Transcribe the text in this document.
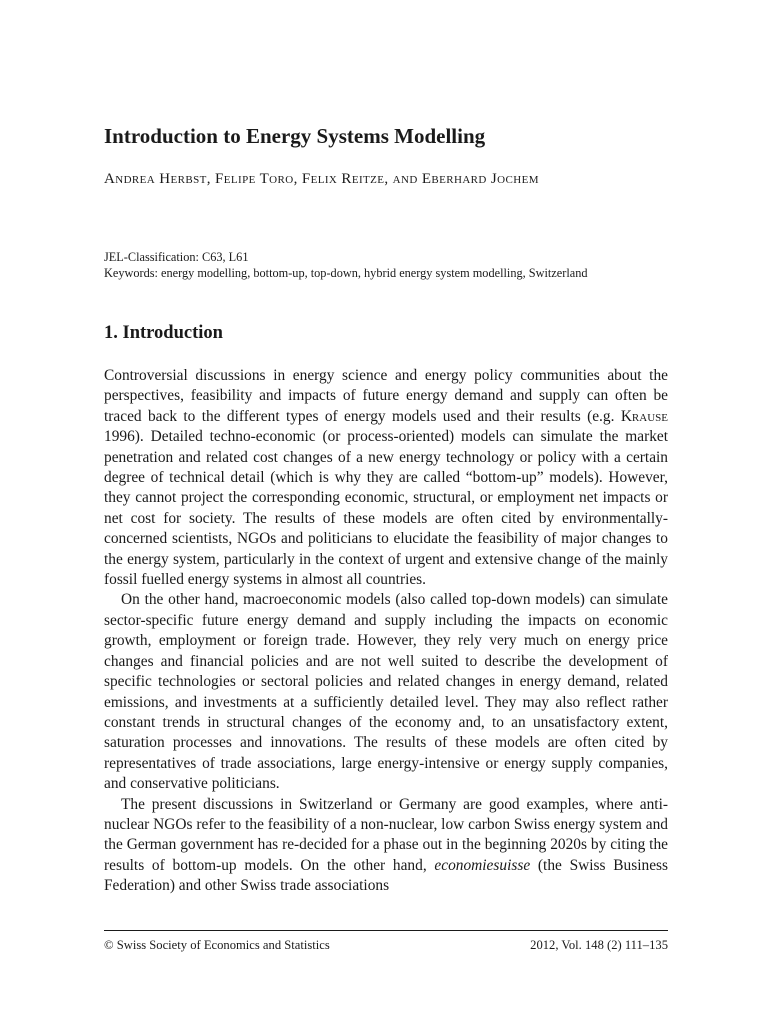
Introduction to Energy Systems Modelling

Andrea Herbst, Felipe Toro, Felix Reitze, and Eberhard Jochem

JEL-Classification: C63, L61
Keywords: energy modelling, bottom-up, top-down, hybrid energy system modelling, Switzerland
1. Introduction

Controversial discussions in energy science and energy policy communities about the perspectives, feasibility and impacts of future energy demand and supply can often be traced back to the different types of energy models used and their results (e.g. Krause 1996). Detailed techno-economic (or process-oriented) models can simulate the market penetration and related cost changes of a new energy technology or policy with a certain degree of technical detail (which is why they are called “bottom-up” models). However, they cannot project the corresponding economic, structural, or employment net impacts or net cost for society. The results of these models are often cited by environmentally-concerned scientists, NGOs and politicians to elucidate the feasibility of major changes to the energy system, particularly in the context of urgent and extensive change of the mainly fossil fuelled energy systems in almost all countries.

On the other hand, macroeconomic models (also called top-down models) can simulate sector-specific future energy demand and supply including the impacts on economic growth, employment or foreign trade. However, they rely very much on energy price changes and financial policies and are not well suited to describe the development of specific technologies or sectoral policies and related changes in energy demand, related emissions, and investments at a sufficiently detailed level. They may also reflect rather constant trends in structural changes of the economy and, to an unsatisfactory extent, saturation processes and innovations. The results of these models are often cited by representatives of trade associations, large energy-intensive or energy supply companies, and conservative politicians.

The present discussions in Switzerland or Germany are good examples, where anti-nuclear NGOs refer to the feasibility of a non-nuclear, low carbon Swiss energy system and the German government has re-decided for a phase out in the beginning 2020s by citing the results of bottom-up models. On the other hand, economiesuisse (the Swiss Business Federation) and other Swiss trade associations

© Swiss Society of Economics and Statistics	2012, Vol. 148 (2) 111–135
